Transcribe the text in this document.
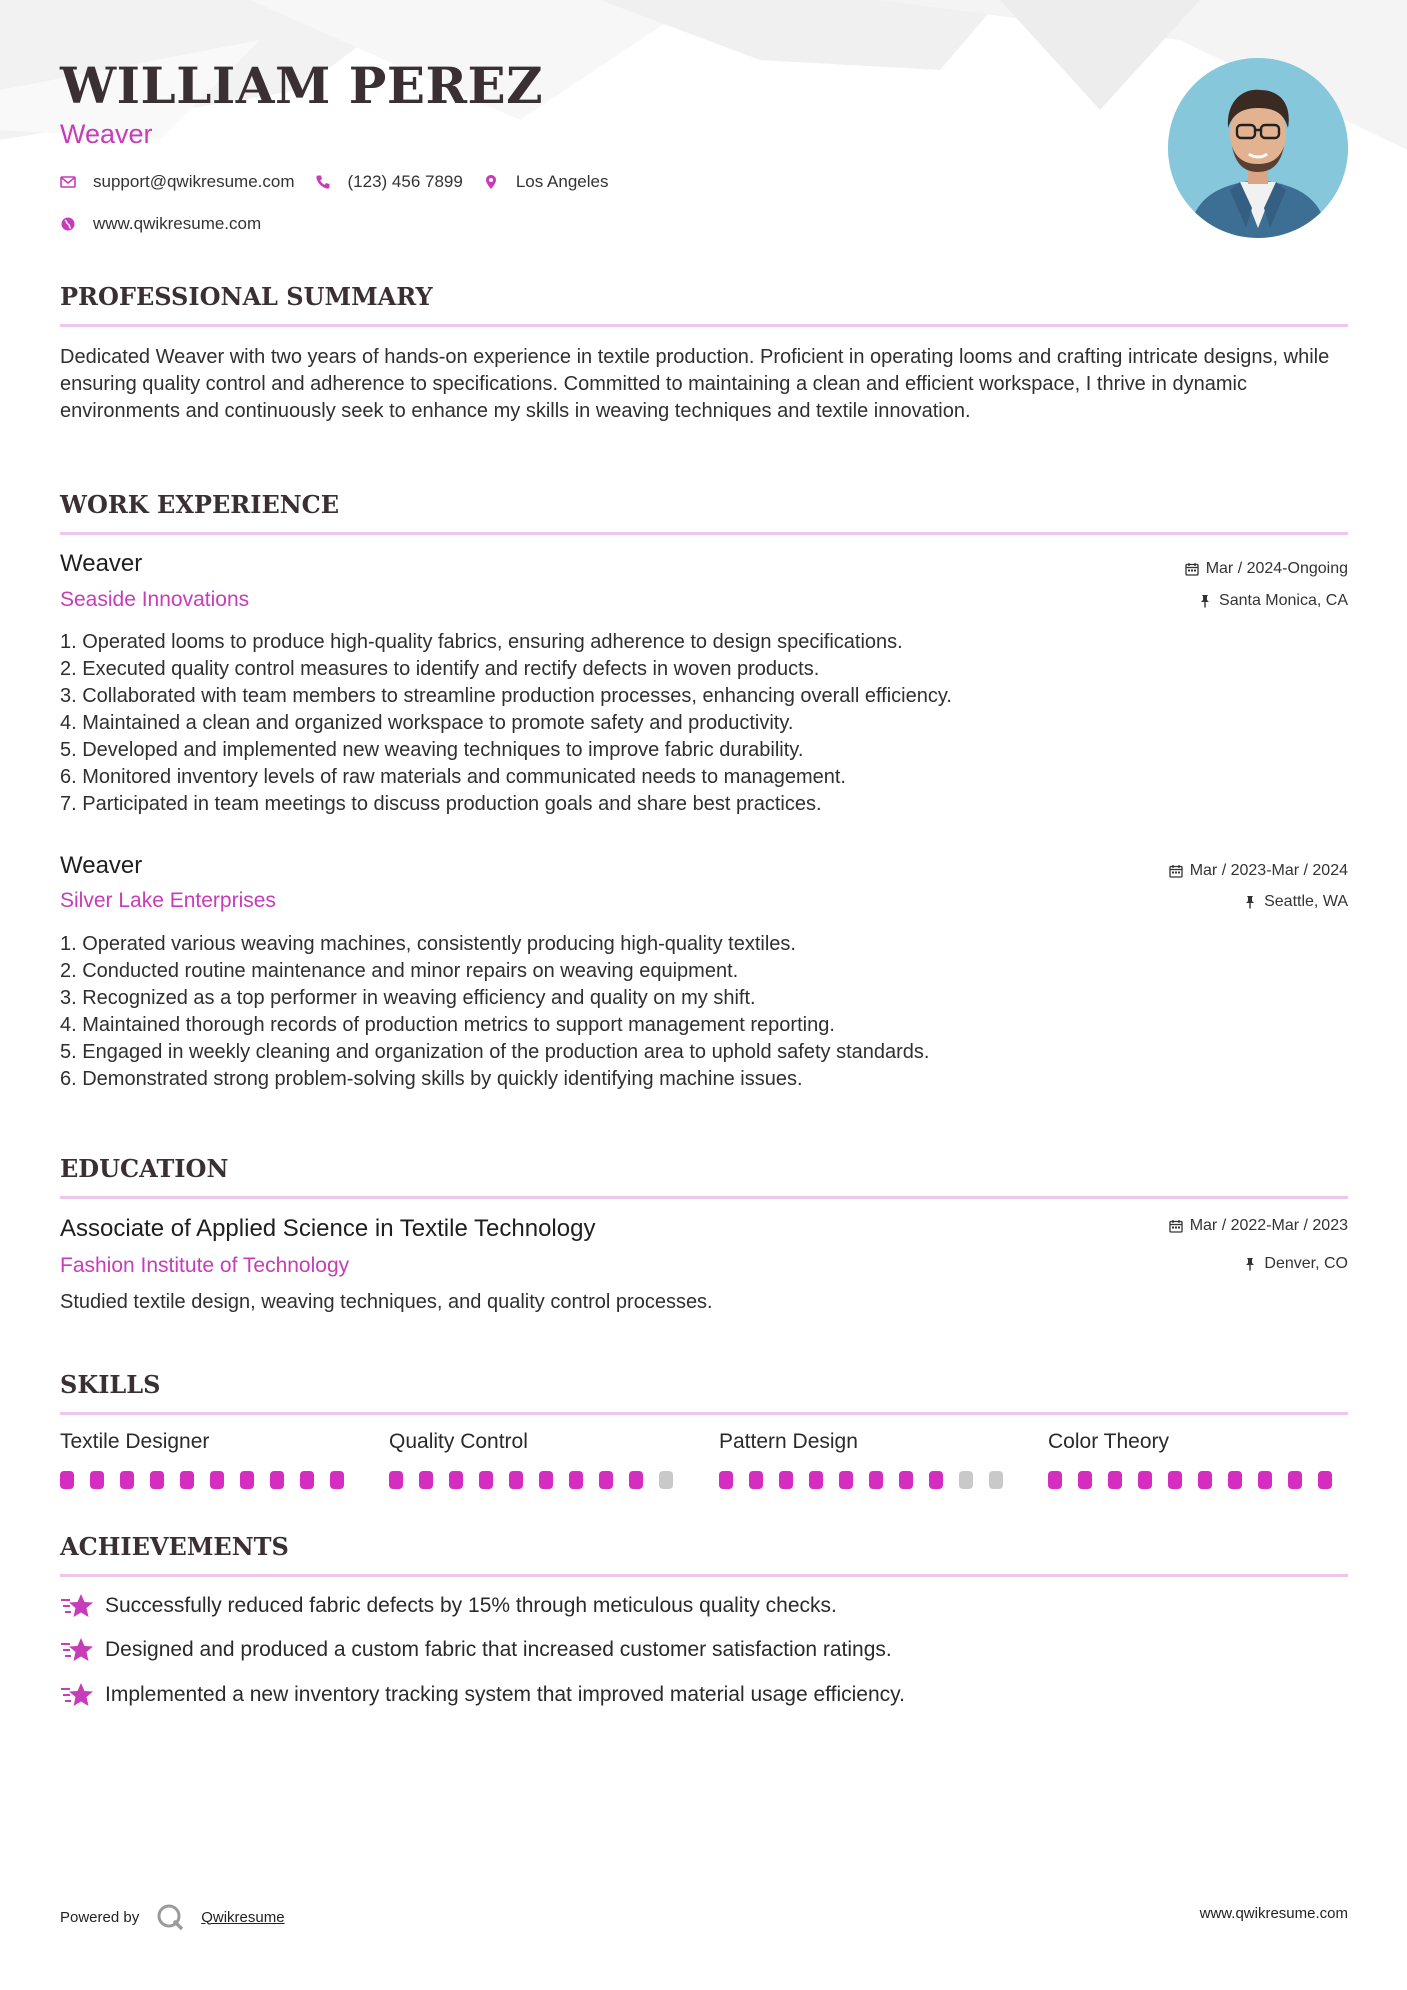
WILLIAM PEREZ
Weaver
support@qwikresume.com	(123) 456 7899	Los Angeles
www.qwikresume.com
PROFESSIONAL SUMMARY

Dedicated Weaver with two years of hands-on experience in textile production. Proficient in operating looms and crafting intricate designs, while ensuring quality control and adherence to specifications. Committed to maintaining a clean and efficient workspace, I thrive in dynamic environments and continuously seek to enhance my skills in weaving techniques and textile innovation.

WORK EXPERIENCE
Weaver
Seaside Innovations
Mar / 2024-Ongoing
Santa Monica, CA
1. Operated looms to produce high-quality fabrics, ensuring adherence to design specifications.
2. Executed quality control measures to identify and rectify defects in woven products.
3. Collaborated with team members to streamline production processes, enhancing overall efficiency.
4. Maintained a clean and organized workspace to promote safety and productivity.
5. Developed and implemented new weaving techniques to improve fabric durability.
6. Monitored inventory levels of raw materials and communicated needs to management.
7. Participated in team meetings to discuss production goals and share best practices.
Weaver
Silver Lake Enterprises
Mar / 2023-Mar / 2024
Seattle, WA
1. Operated various weaving machines, consistently producing high-quality textiles.
2. Conducted routine maintenance and minor repairs on weaving equipment.
3. Recognized as a top performer in weaving efficiency and quality on my shift.
4. Maintained thorough records of production metrics to support management reporting.
5. Engaged in weekly cleaning and organization of the production area to uphold safety standards.
6. Demonstrated strong problem-solving skills by quickly identifying machine issues.
EDUCATION
Associate of Applied Science in Textile Technology
Fashion Institute of Technology
Mar / 2022-Mar / 2023
Denver, CO

Studied textile design, weaving techniques, and quality control processes.

SKILLS
Textile Designer	Quality Control	Pattern Design	Color Theory
ACHIEVEMENTS
Successfully reduced fabric defects by 15% through meticulous quality checks.
Designed and produced a custom fabric that increased customer satisfaction ratings.
Implemented a new inventory tracking system that improved material usage efficiency.
Powered by	Qwikresume	www.qwikresume.com
